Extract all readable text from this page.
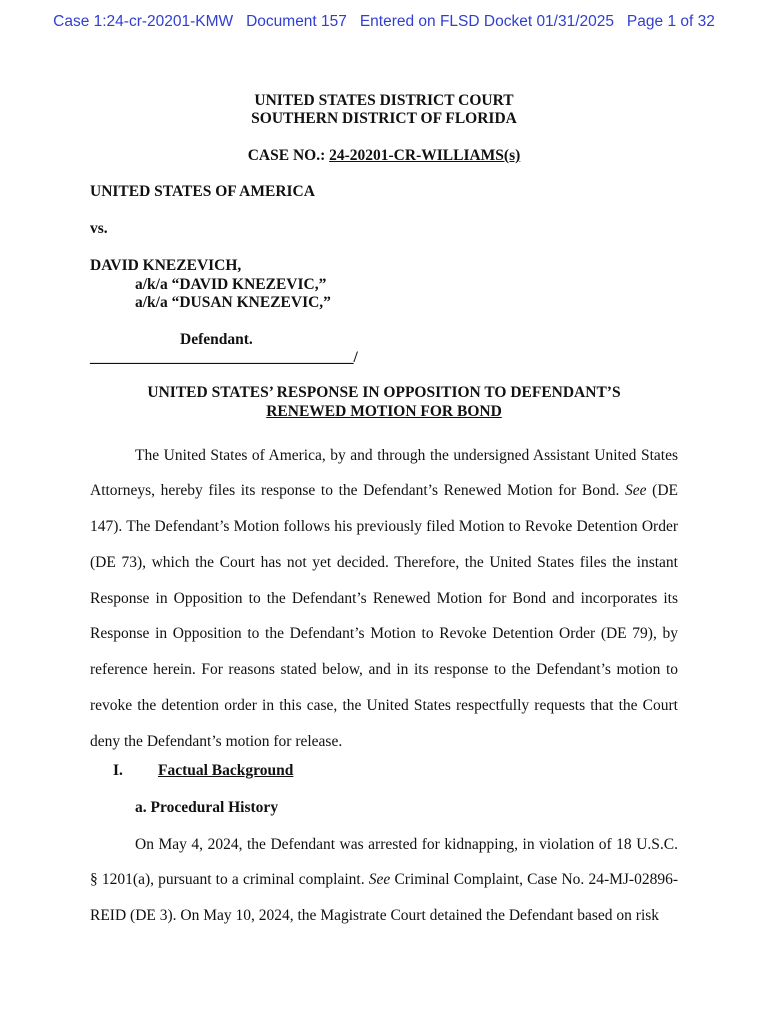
Case 1:24-cr-20201-KMW   Document 157   Entered on FLSD Docket 01/31/2025   Page 1 of 32
UNITED STATES DISTRICT COURT
SOUTHERN DISTRICT OF FLORIDA
CASE NO.: 24-20201-CR-WILLIAMS(s)
UNITED STATES OF AMERICA
vs.
DAVID KNEZEVICH,
a/k/a “DAVID KNEZEVIC,”
a/k/a “DUSAN KNEZEVIC,”
Defendant.
__________________________________/
UNITED STATES’ RESPONSE IN OPPOSITION TO DEFENDANT’S
RENEWED MOTION FOR BOND

The United States of America, by and through the undersigned Assistant United States Attorneys, hereby files its response to the Defendant’s Renewed Motion for Bond. See (DE 147). The Defendant’s Motion follows his previously filed Motion to Revoke Detention Order (DE 73), which the Court has not yet decided. Therefore, the United States files the instant Response in Opposition to the Defendant’s Renewed Motion for Bond and incorporates its Response in Opposition to the Defendant’s Motion to Revoke Detention Order (DE 79), by reference herein. For reasons stated below, and in its response to the Defendant’s motion to revoke the detention order in this case, the United States respectfully requests that the Court deny the Defendant’s motion for release.

I.	Factual Background
a. Procedural History

On May 4, 2024, the Defendant was arrested for kidnapping, in violation of 18 U.S.C. § 1201(a), pursuant to a criminal complaint. See Criminal Complaint, Case No. 24-MJ-02896-REID (DE 3). On May 10, 2024, the Magistrate Court detained the Defendant based on risk
